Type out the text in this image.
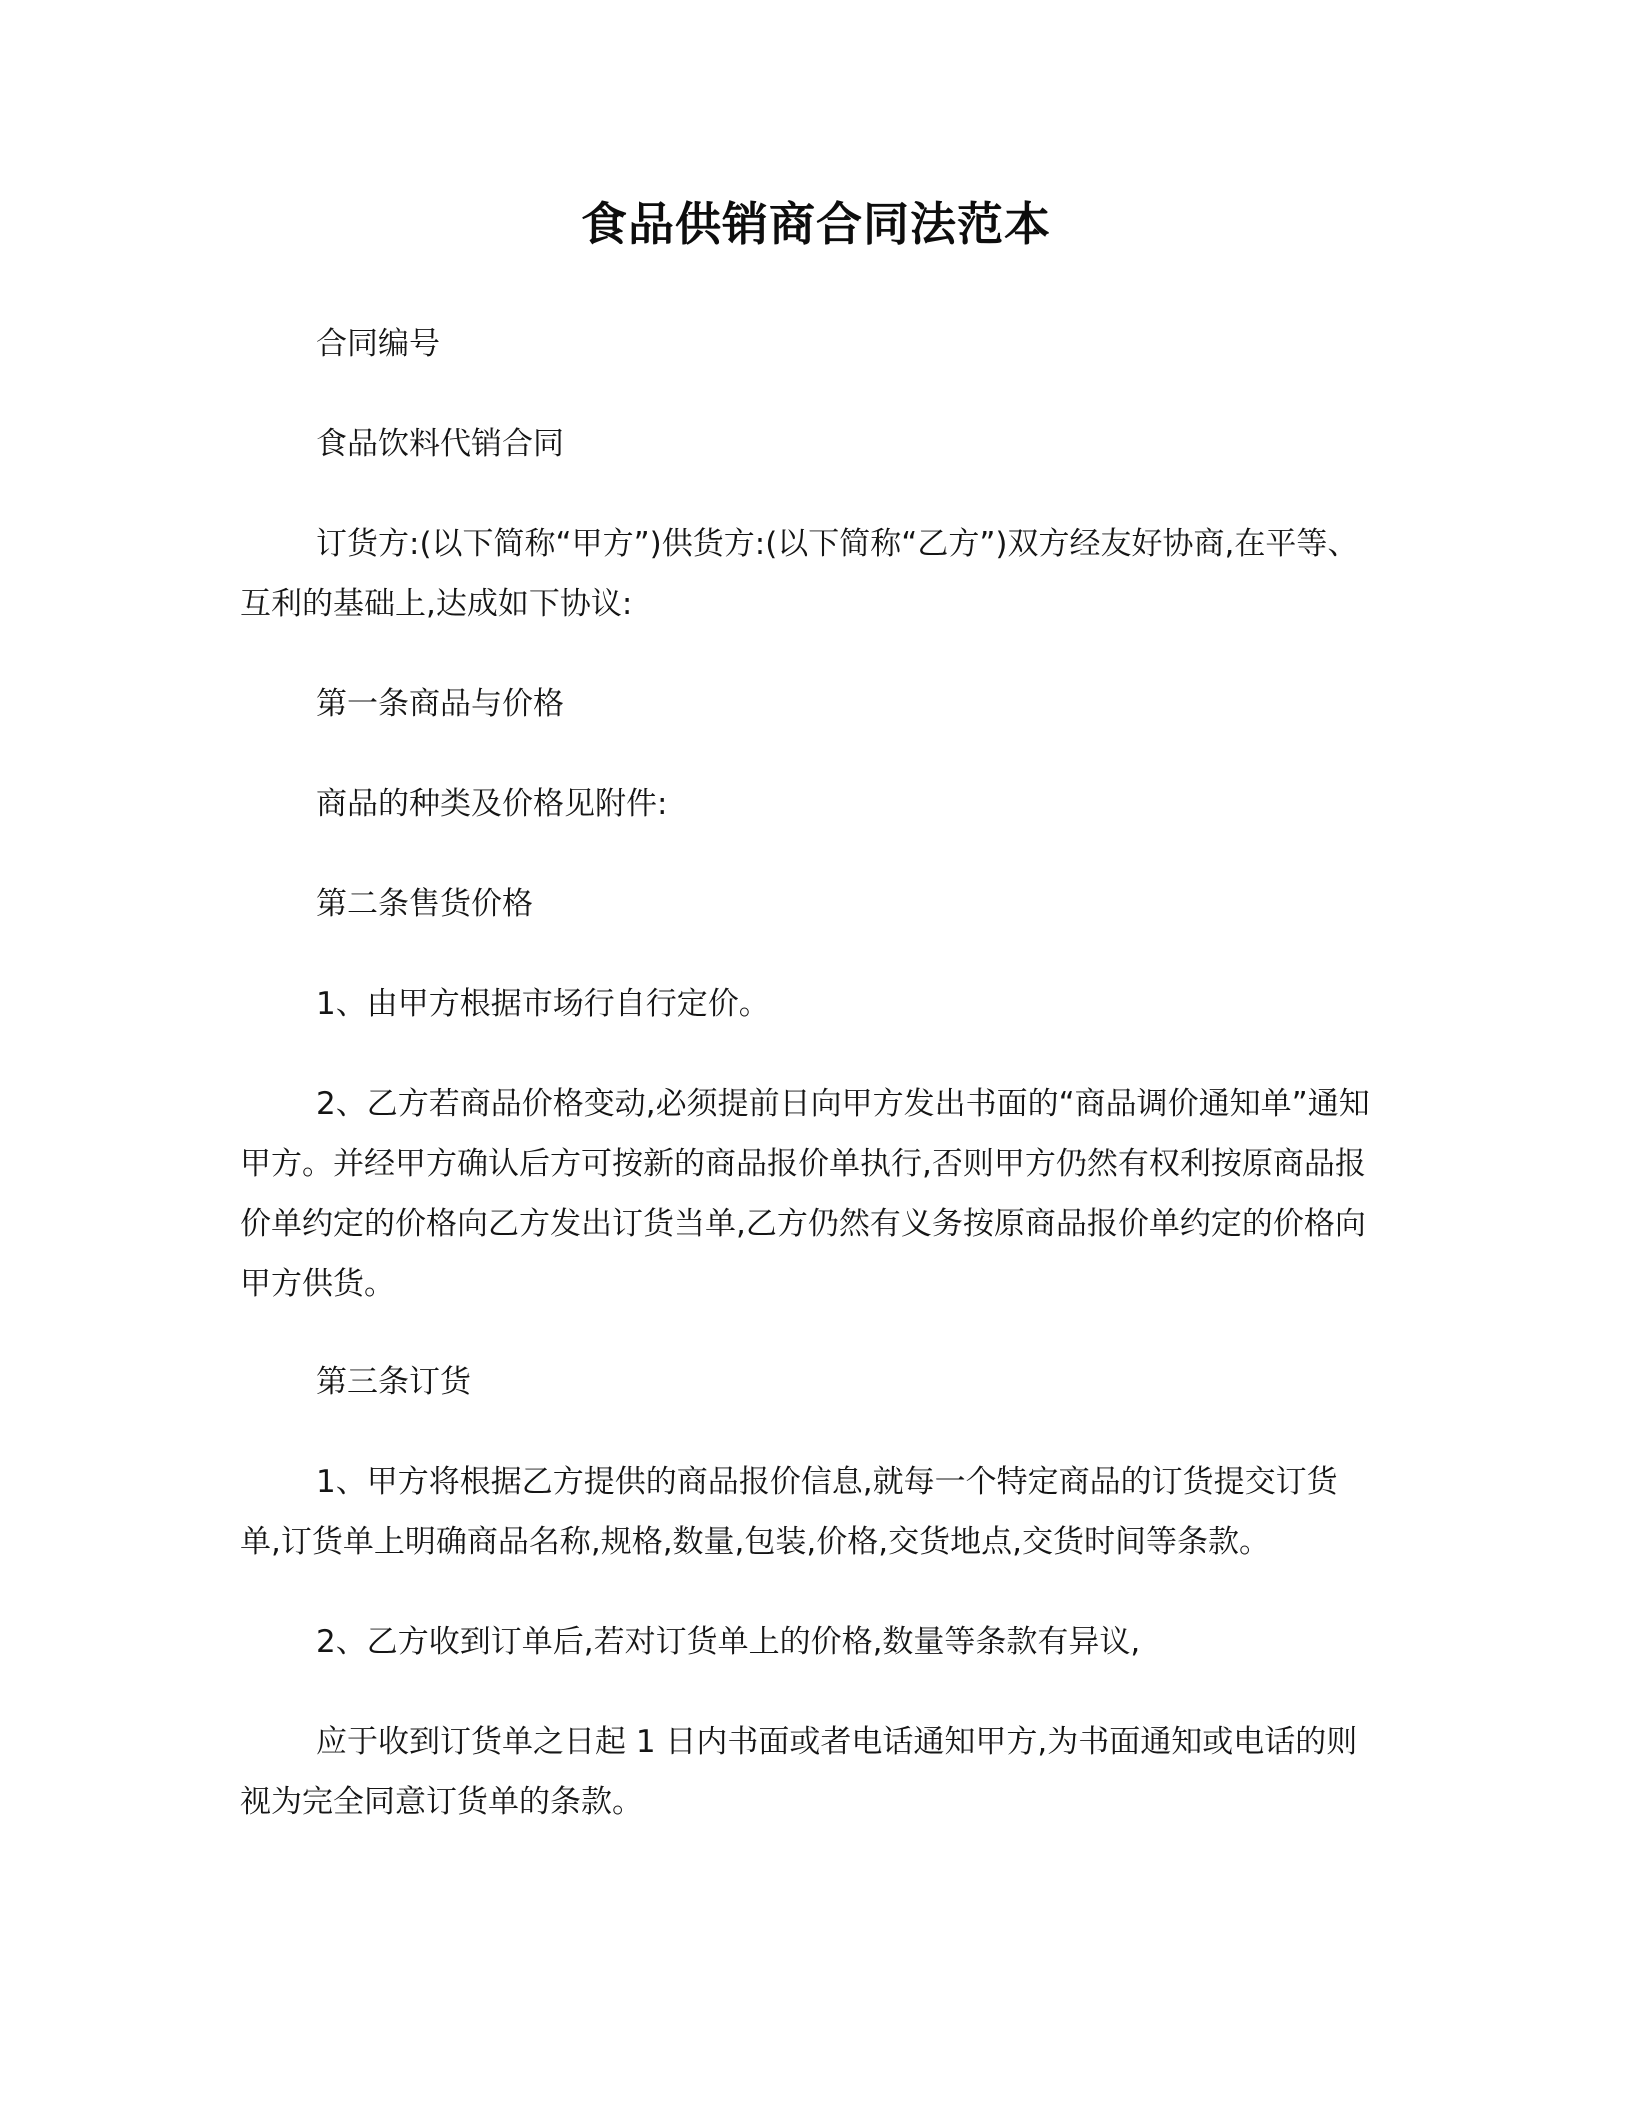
食品供销商合同法范本
合同编号
食品饮料代销合同
订货方:(以下简称“甲方”)供货方:(以下简称“乙方”)双方经友好协商,在平等、互利的基础上,达成如下协议:
第一条商品与价格
商品的种类及价格见附件:
第二条售货价格
1、由甲方根据市场行自行定价。
2、乙方若商品价格变动,必须提前日向甲方发出书面的“商品调价通知单”通知甲方。并经甲方确认后方可按新的商品报价单执行,否则甲方仍然有权利按原商品报价单约定的价格向乙方发出订货当单,乙方仍然有义务按原商品报价单约定的价格向甲方供货。
第三条订货
1、甲方将根据乙方提供的商品报价信息,就每一个特定商品的订货提交订货单,订货单上明确商品名称,规格,数量,包装,价格,交货地点,交货时间等条款。
2、乙方收到订单后,若对订货单上的价格,数量等条款有异议,
应于收到订货单之日起 1 日内书面或者电话通知甲方,为书面通知或电话的则视为完全同意订货单的条款。
